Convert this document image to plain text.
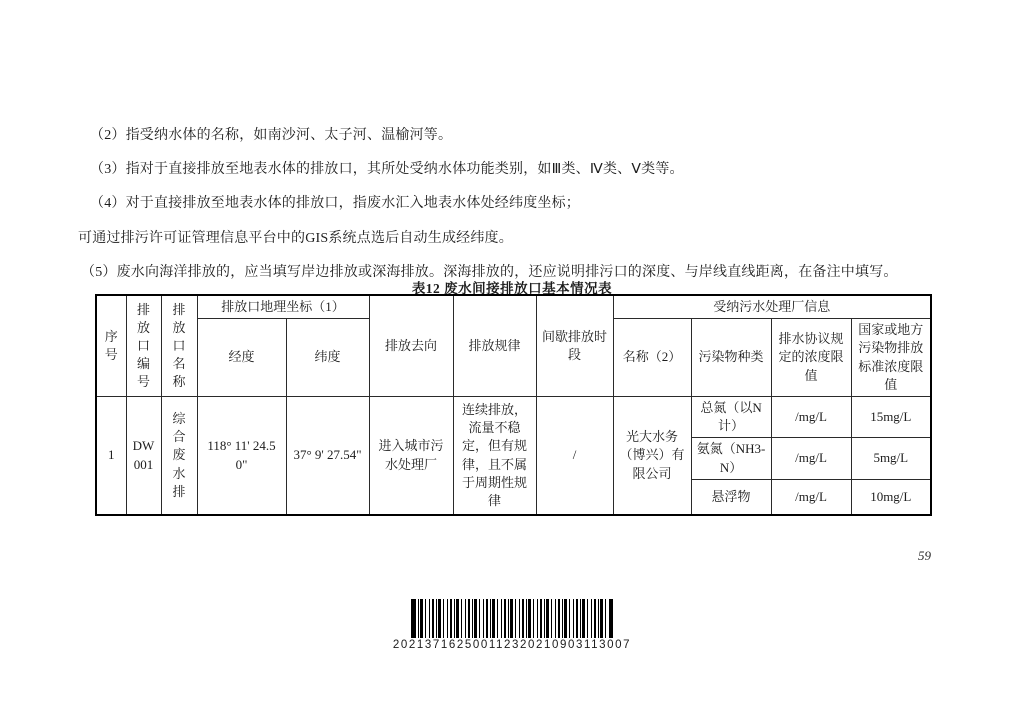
（2）指受纳水体的名称，如南沙河、太子河、温榆河等。

（3）指对于直接排放至地表水体的排放口，其所处受纳水体功能类别，如Ⅲ类、Ⅳ类、Ⅴ类等。

（4）对于直接排放至地表水体的排放口，指废水汇入地表水体处经纬度坐标；

可通过排污许可证管理信息平台中的GIS系统点选后自动生成经纬度。

（5）废水向海洋排放的，应当填写岸边排放或深海排放。深海排放的，还应说明排污口的深度、与岸线直线距离，在备注中填写。

表12 废水间接排放口基本情况表
序号	排放口编号	排放口名称	排放口地理坐标（1）		排放去向	排放规律	间歇排放时段	受纳污水处理厂信息			
			经度	纬度				名称（2）	污染物种类	排水协议规定的浓度限值	国家或地方污染物排放标准浓度限值
1	DW001	综合废水排	118° 11' 24.50"	37° 9' 27.54"	进入城市污水处理厂	连续排放，流量不稳定，但有规律，且不属于周期性规律	/	光大水务（博兴）有限公司	总氮（以N计）	/mg/L	15mg/L
									氨氮（NH3-N）	/mg/L	5mg/L
									悬浮物	/mg/L	10mg/L
59
202137162500112320210903113007
